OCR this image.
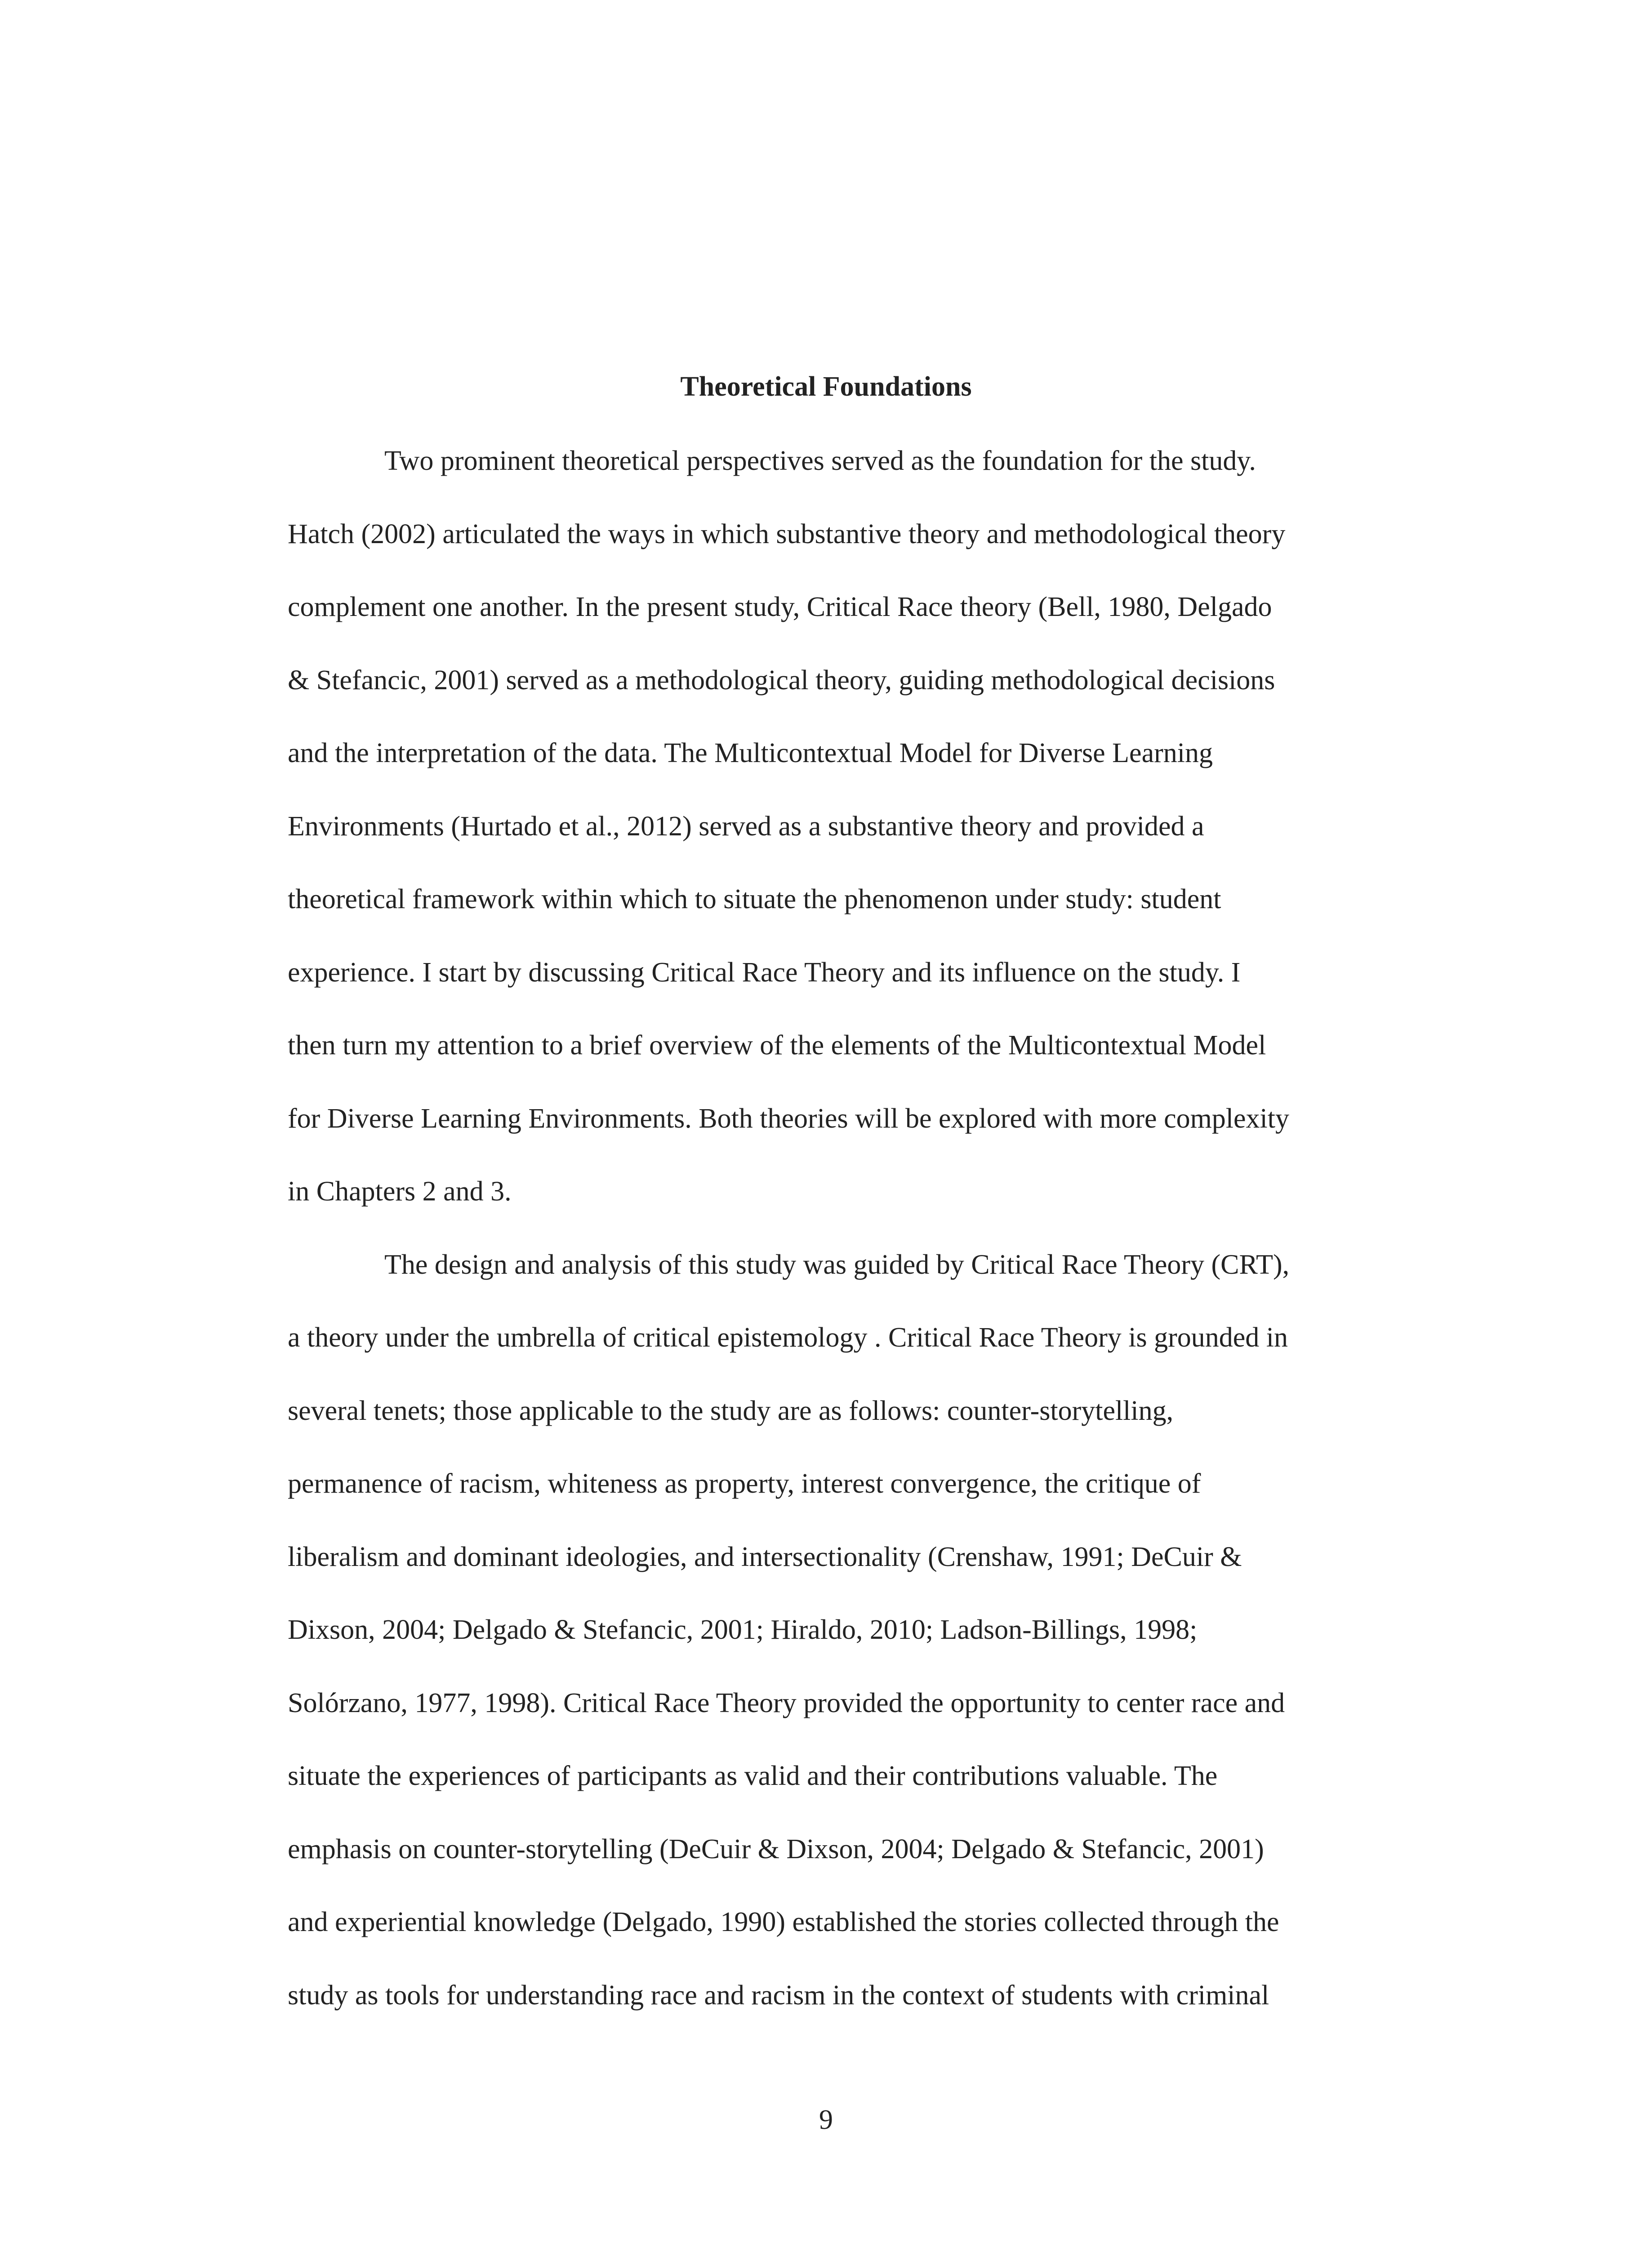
Theoretical Foundations
Two prominent theoretical perspectives served as the foundation for the study.
Hatch (2002) articulated the ways in which substantive theory and methodological theory
complement one another. In the present study, Critical Race theory (Bell, 1980, Delgado
& Stefancic, 2001) served as a methodological theory, guiding methodological decisions
and the interpretation of the data. The Multicontextual Model for Diverse Learning
Environments (Hurtado et al., 2012) served as a substantive theory and provided a
theoretical framework within which to situate the phenomenon under study: student
experience. I start by discussing Critical Race Theory and its influence on the study. I
then turn my attention to a brief overview of the elements of the Multicontextual Model
for Diverse Learning Environments. Both theories will be explored with more complexity
in Chapters 2 and 3.
The design and analysis of this study was guided by Critical Race Theory (CRT),
a theory under the umbrella of critical epistemology . Critical Race Theory is grounded in
several tenets; those applicable to the study are as follows: counter-storytelling,
permanence of racism, whiteness as property, interest convergence, the critique of
liberalism and dominant ideologies, and intersectionality (Crenshaw, 1991; DeCuir &
Dixson, 2004; Delgado & Stefancic, 2001; Hiraldo, 2010; Ladson-Billings, 1998;
Solórzano, 1977, 1998). Critical Race Theory provided the opportunity to center race and
situate the experiences of participants as valid and their contributions valuable. The
emphasis on counter-storytelling (DeCuir & Dixson, 2004; Delgado & Stefancic, 2001)
and experiential knowledge (Delgado, 1990) established the stories collected through the
study as tools for understanding race and racism in the context of students with criminal
9
